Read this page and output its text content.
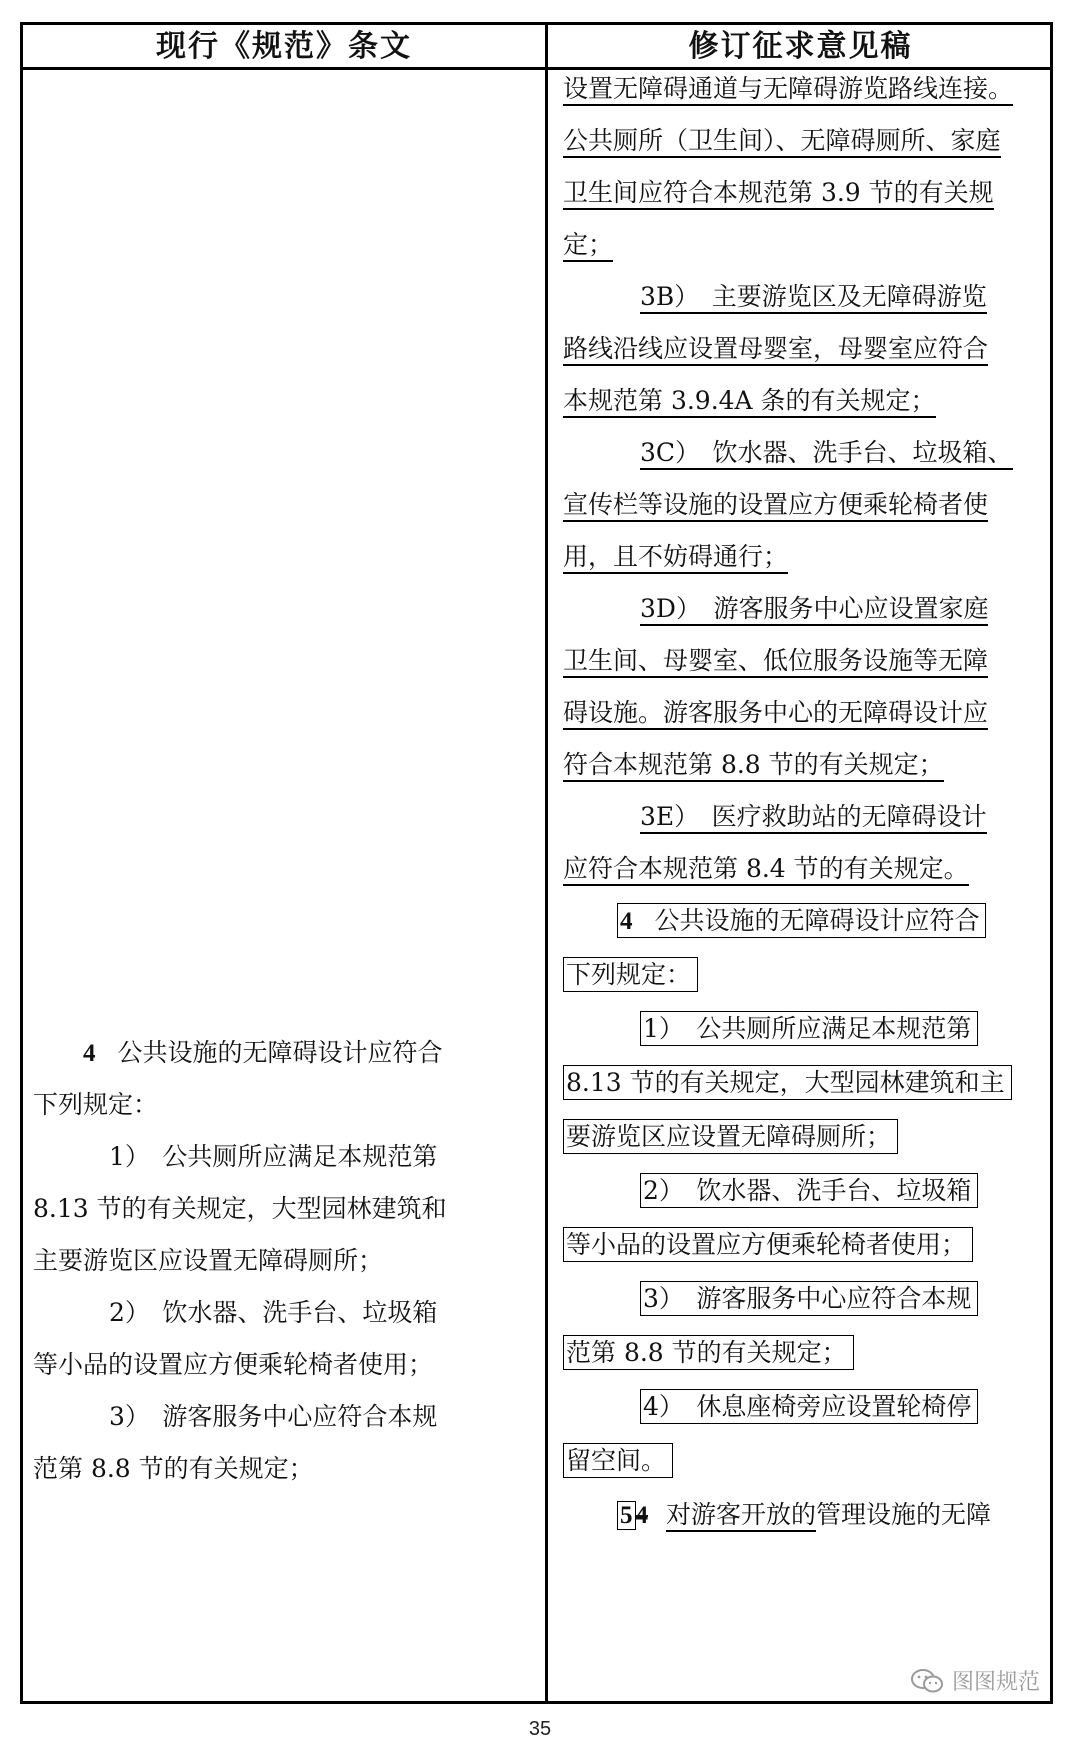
现行《规范》条文	修订征求意见稿
4 公共设施的无障碍设计应符合
下列规定：
1）　公共厕所应满足本规范第
8.13 节的有关规定，大型园林建筑和
主要游览区应设置无障碍厕所；
2）　饮水器、洗手台、垃圾箱
等小品的设置应方便乘轮椅者使用；
3）　游客服务中心应符合本规
范第 8.8 节的有关规定；
设置无障碍通道与无障碍游览路线连接。
公共厕所（卫生间）、无障碍厕所、家庭
卫生间应符合本规范第 3.9 节的有关规
定；
3B）　主要游览区及无障碍游览
路线沿线应设置母婴室，母婴室应符合
本规范第 3.9.4A 条的有关规定；
3C）　饮水器、洗手台、垃圾箱、
宣传栏等设施的设置应方便乘轮椅者使
用，且不妨碍通行；
3D）　游客服务中心应设置家庭
卫生间、母婴室、低位服务设施等无障
碍设施。游客服务中心的无障碍设计应
符合本规范第 8.8 节的有关规定；
3E）　医疗救助站的无障碍设计
应符合本规范第 8.4 节的有关规定。
4 公共设施的无障碍设计应符合
下列规定：
1）　公共厕所应满足本规范第
8.13 节的有关规定，大型园林建筑和主
要游览区应设置无障碍厕所；
2）　饮水器、洗手台、垃圾箱
等小品的设置应方便乘轮椅者使用；
3）　游客服务中心应符合本规
范第 8.8 节的有关规定；
4）　休息座椅旁应设置轮椅停
留空间。
5 4 对游客开放的管理设施的无障
图图规范
35
